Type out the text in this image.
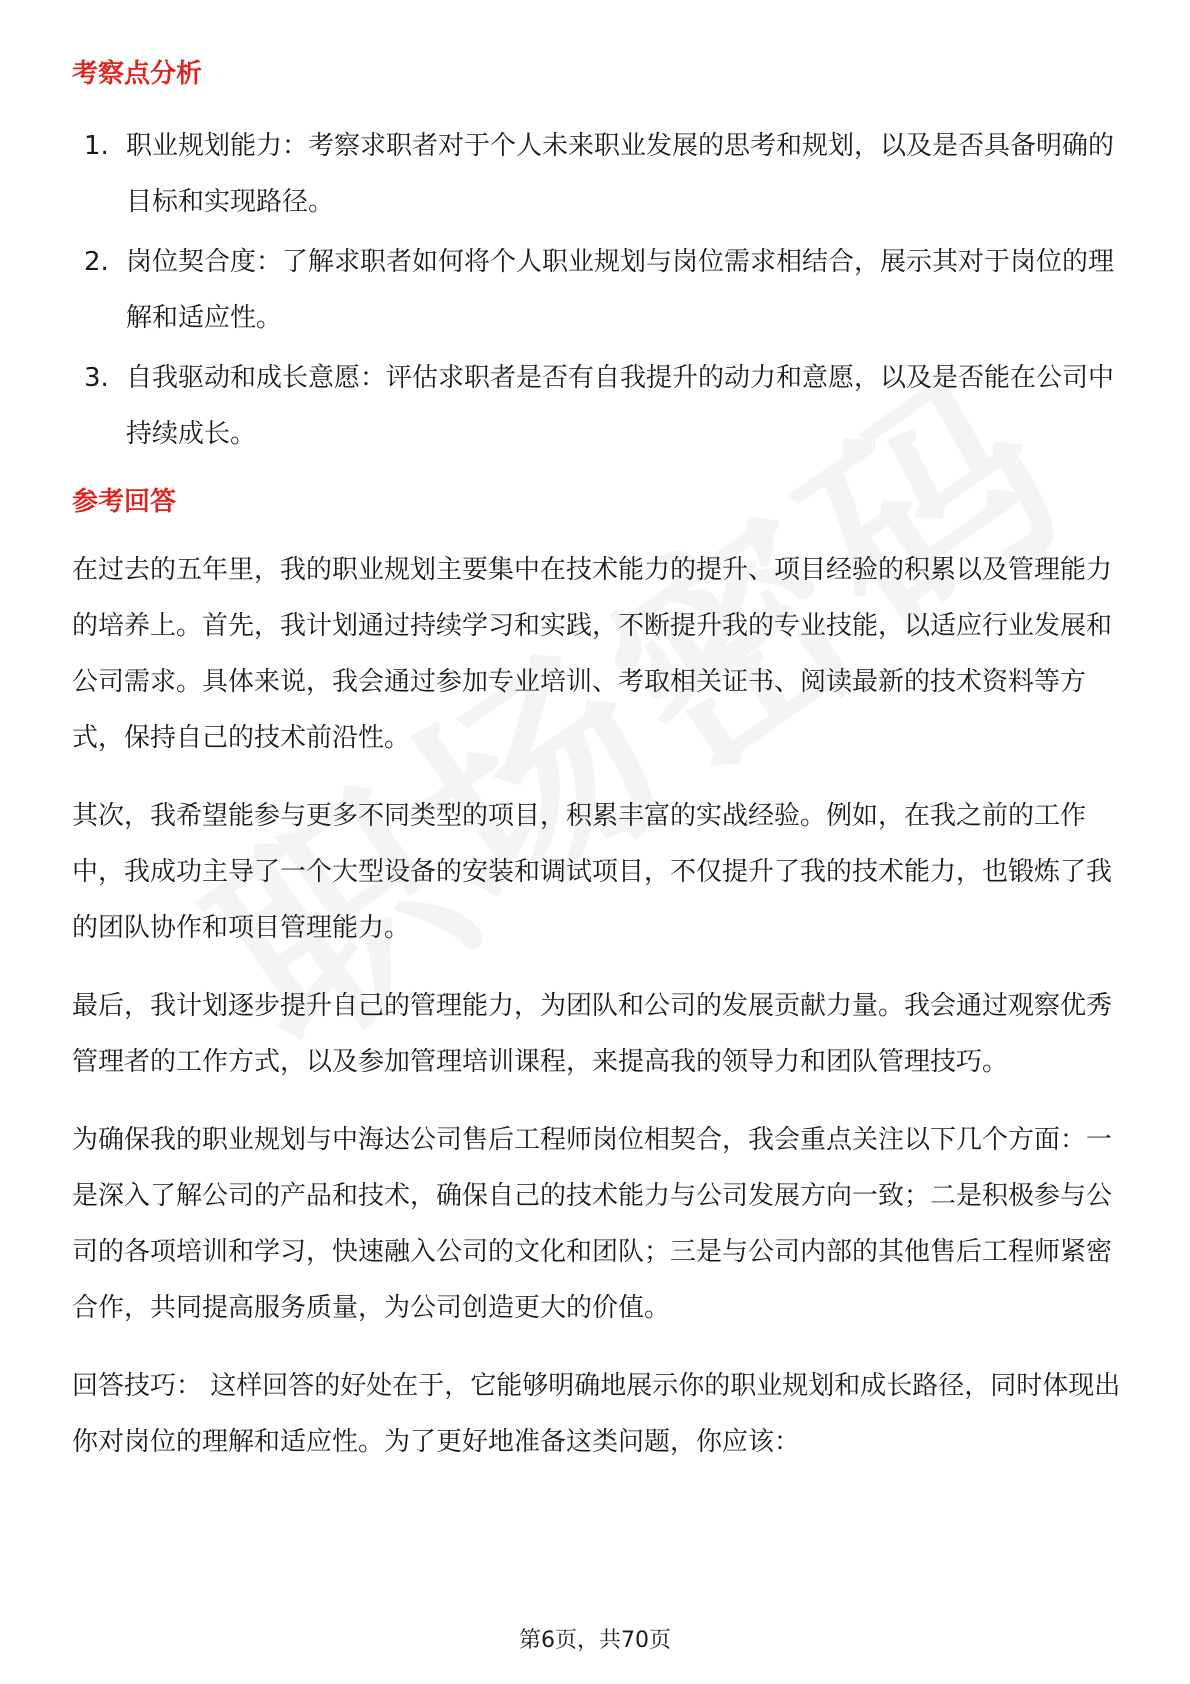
考察点分析
1. 职业规划能力：考察求职者对于个人未来职业发展的思考和规划，以及是否具备明确的目标和实现路径。
2. 岗位契合度：了解求职者如何将个人职业规划与岗位需求相结合，展示其对于岗位的理解和适应性。
3. 自我驱动和成长意愿：评估求职者是否有自我提升的动力和意愿，以及是否能在公司中持续成长。
参考回答

在过去的五年里，我的职业规划主要集中在技术能力的提升、项目经验的积累以及管理能力的培养上。首先，我计划通过持续学习和实践，不断提升我的专业技能，以适应行业发展和公司需求。具体来说，我会通过参加专业培训、考取相关证书、阅读最新的技术资料等方式，保持自己的技术前沿性。

其次，我希望能参与更多不同类型的项目，积累丰富的实战经验。例如，在我之前的工作中，我成功主导了一个大型设备的安装和调试项目，不仅提升了我的技术能力，也锻炼了我的团队协作和项目管理能力。

最后，我计划逐步提升自己的管理能力，为团队和公司的发展贡献力量。我会通过观察优秀管理者的工作方式，以及参加管理培训课程，来提高我的领导力和团队管理技巧。

为确保我的职业规划与中海达公司售后工程师岗位相契合，我会重点关注以下几个方面：一是深入了解公司的产品和技术，确保自己的技术能力与公司发展方向一致；二是积极参与公司的各项培训和学习，快速融入公司的文化和团队；三是与公司内部的其他售后工程师紧密合作，共同提高服务质量，为公司创造更大的价值。

回答技巧： 这样回答的好处在于，它能够明确地展示你的职业规划和成长路径，同时体现出你对岗位的理解和适应性。为了更好地准备这类问题，你应该：

第6页，共70页
